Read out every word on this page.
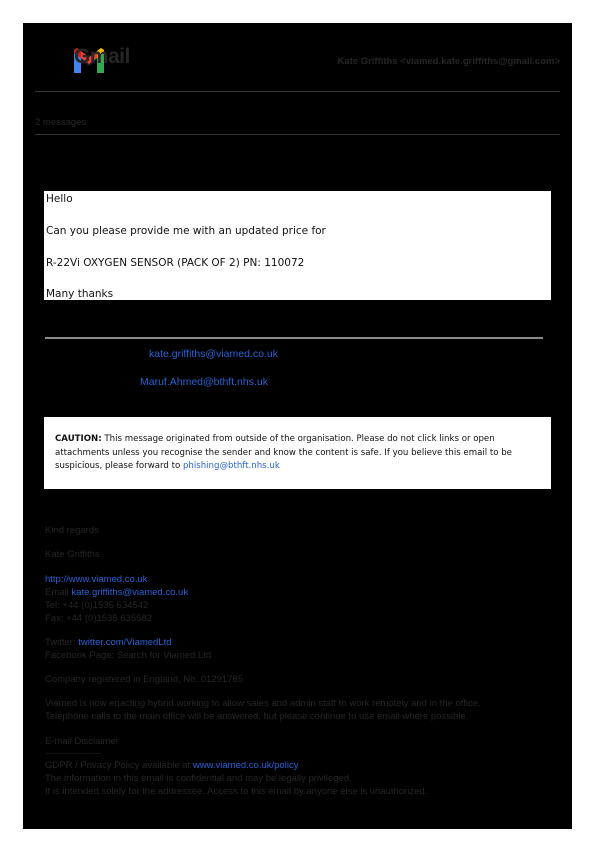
Gmail	Kate Griffiths <viamed.kate.griffiths@gmail.com>
2 messages
Hello
Can you please provide me with an updated price for
R-22Vi OXYGEN SENSOR (PACK OF 2) PN: 110072
Many thanks
kate.griffiths@viamed.co.uk
Maruf.Ahmed@bthft.nhs.uk
CAUTION: This message originated from outside of the organisation. Please do not click links or open attachments unless you recognise the sender and know the content is safe. If you believe this email to be suspicious, please forward to phishing@bthft.nhs.uk
Kind regards
Kate Griffiths
http://www.viamed.co.uk
Email kate.griffiths@viamed.co.uk
Tel: +44 (0)1535 634542
Fax: +44 (0)1535 635582
Twitter: twitter.com/ViamedLtd
Facebook Page: Search for Viamed Ltd
Company registered in England, No. 01291785
Viamed is now enacting hybrid working to allow sales and admin staff to work remotely and in the office.
Telephone calls to the main office will be answered, but please continue to use email where possible.
E-mail Disclaimer
------------------
GDPR / Privacy Policy available at www.viamed.co.uk/policy
The information in this email is confidential and may be legally privileged.
It is intended solely for the addressee. Access to this email by anyone else is unauthorized.
